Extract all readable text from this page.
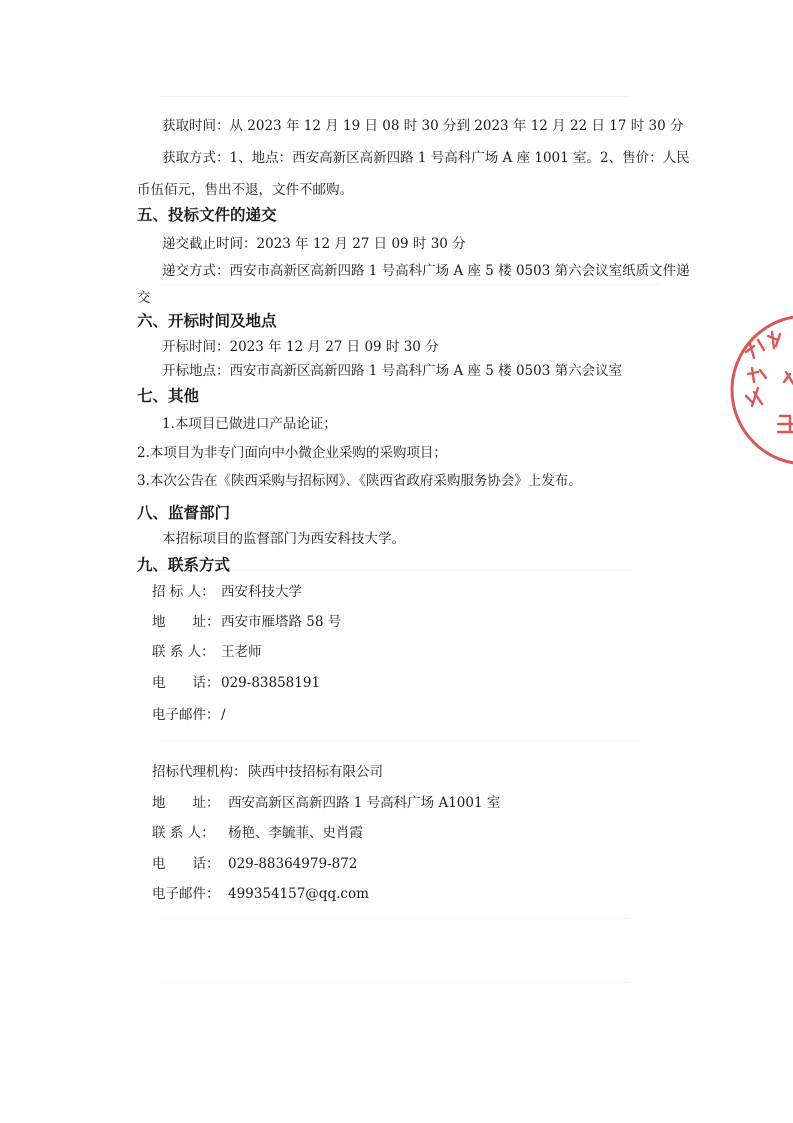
获取时间：从 2023 年 12 月 19 日 08 时 30 分到 2023 年 12 月 22 日 17 时 30 分
获取方式：1、地点：西安高新区高新四路 1 号高科广场 A 座 1001 室。2、售价：人民
币伍佰元，售出不退，文件不邮购。
五、投标文件的递交
递交截止时间：2023 年 12 月 27 日 09 时 30 分
递交方式：西安市高新区高新四路 1 号高科广场 A 座 5 楼 0503 第六会议室纸质文件递
交
六、开标时间及地点
开标时间：2023 年 12 月 27 日 09 时 30 分
开标地点：西安市高新区高新四路 1 号高科广场 A 座 5 楼 0503 第六会议室
七、其他
1.本项目已做进口产品论证；
2.本项目为非专门面向中小微企业采购的采购项目；
3.本次公告在《陕西采购与招标网》、《陕西省政府采购服务协会》上发布。
八、监督部门
本招标项目的监督部门为西安科技大学。
九、联系方式
招 标 人： 西安科技大学
地　　址： 西安市雁塔路 58 号
联 系 人： 王老师
电　　话： 029-83858191
电子邮件： /
招标代理机构： 陕西中技招标有限公司
地　　址： 西安高新区高新四路 1 号高科广场 A1001 室
联 系 人： 杨艳、李毓菲、史肖霞
电　　话： 029-88364979-872
电子邮件： 499354157@qq.com
